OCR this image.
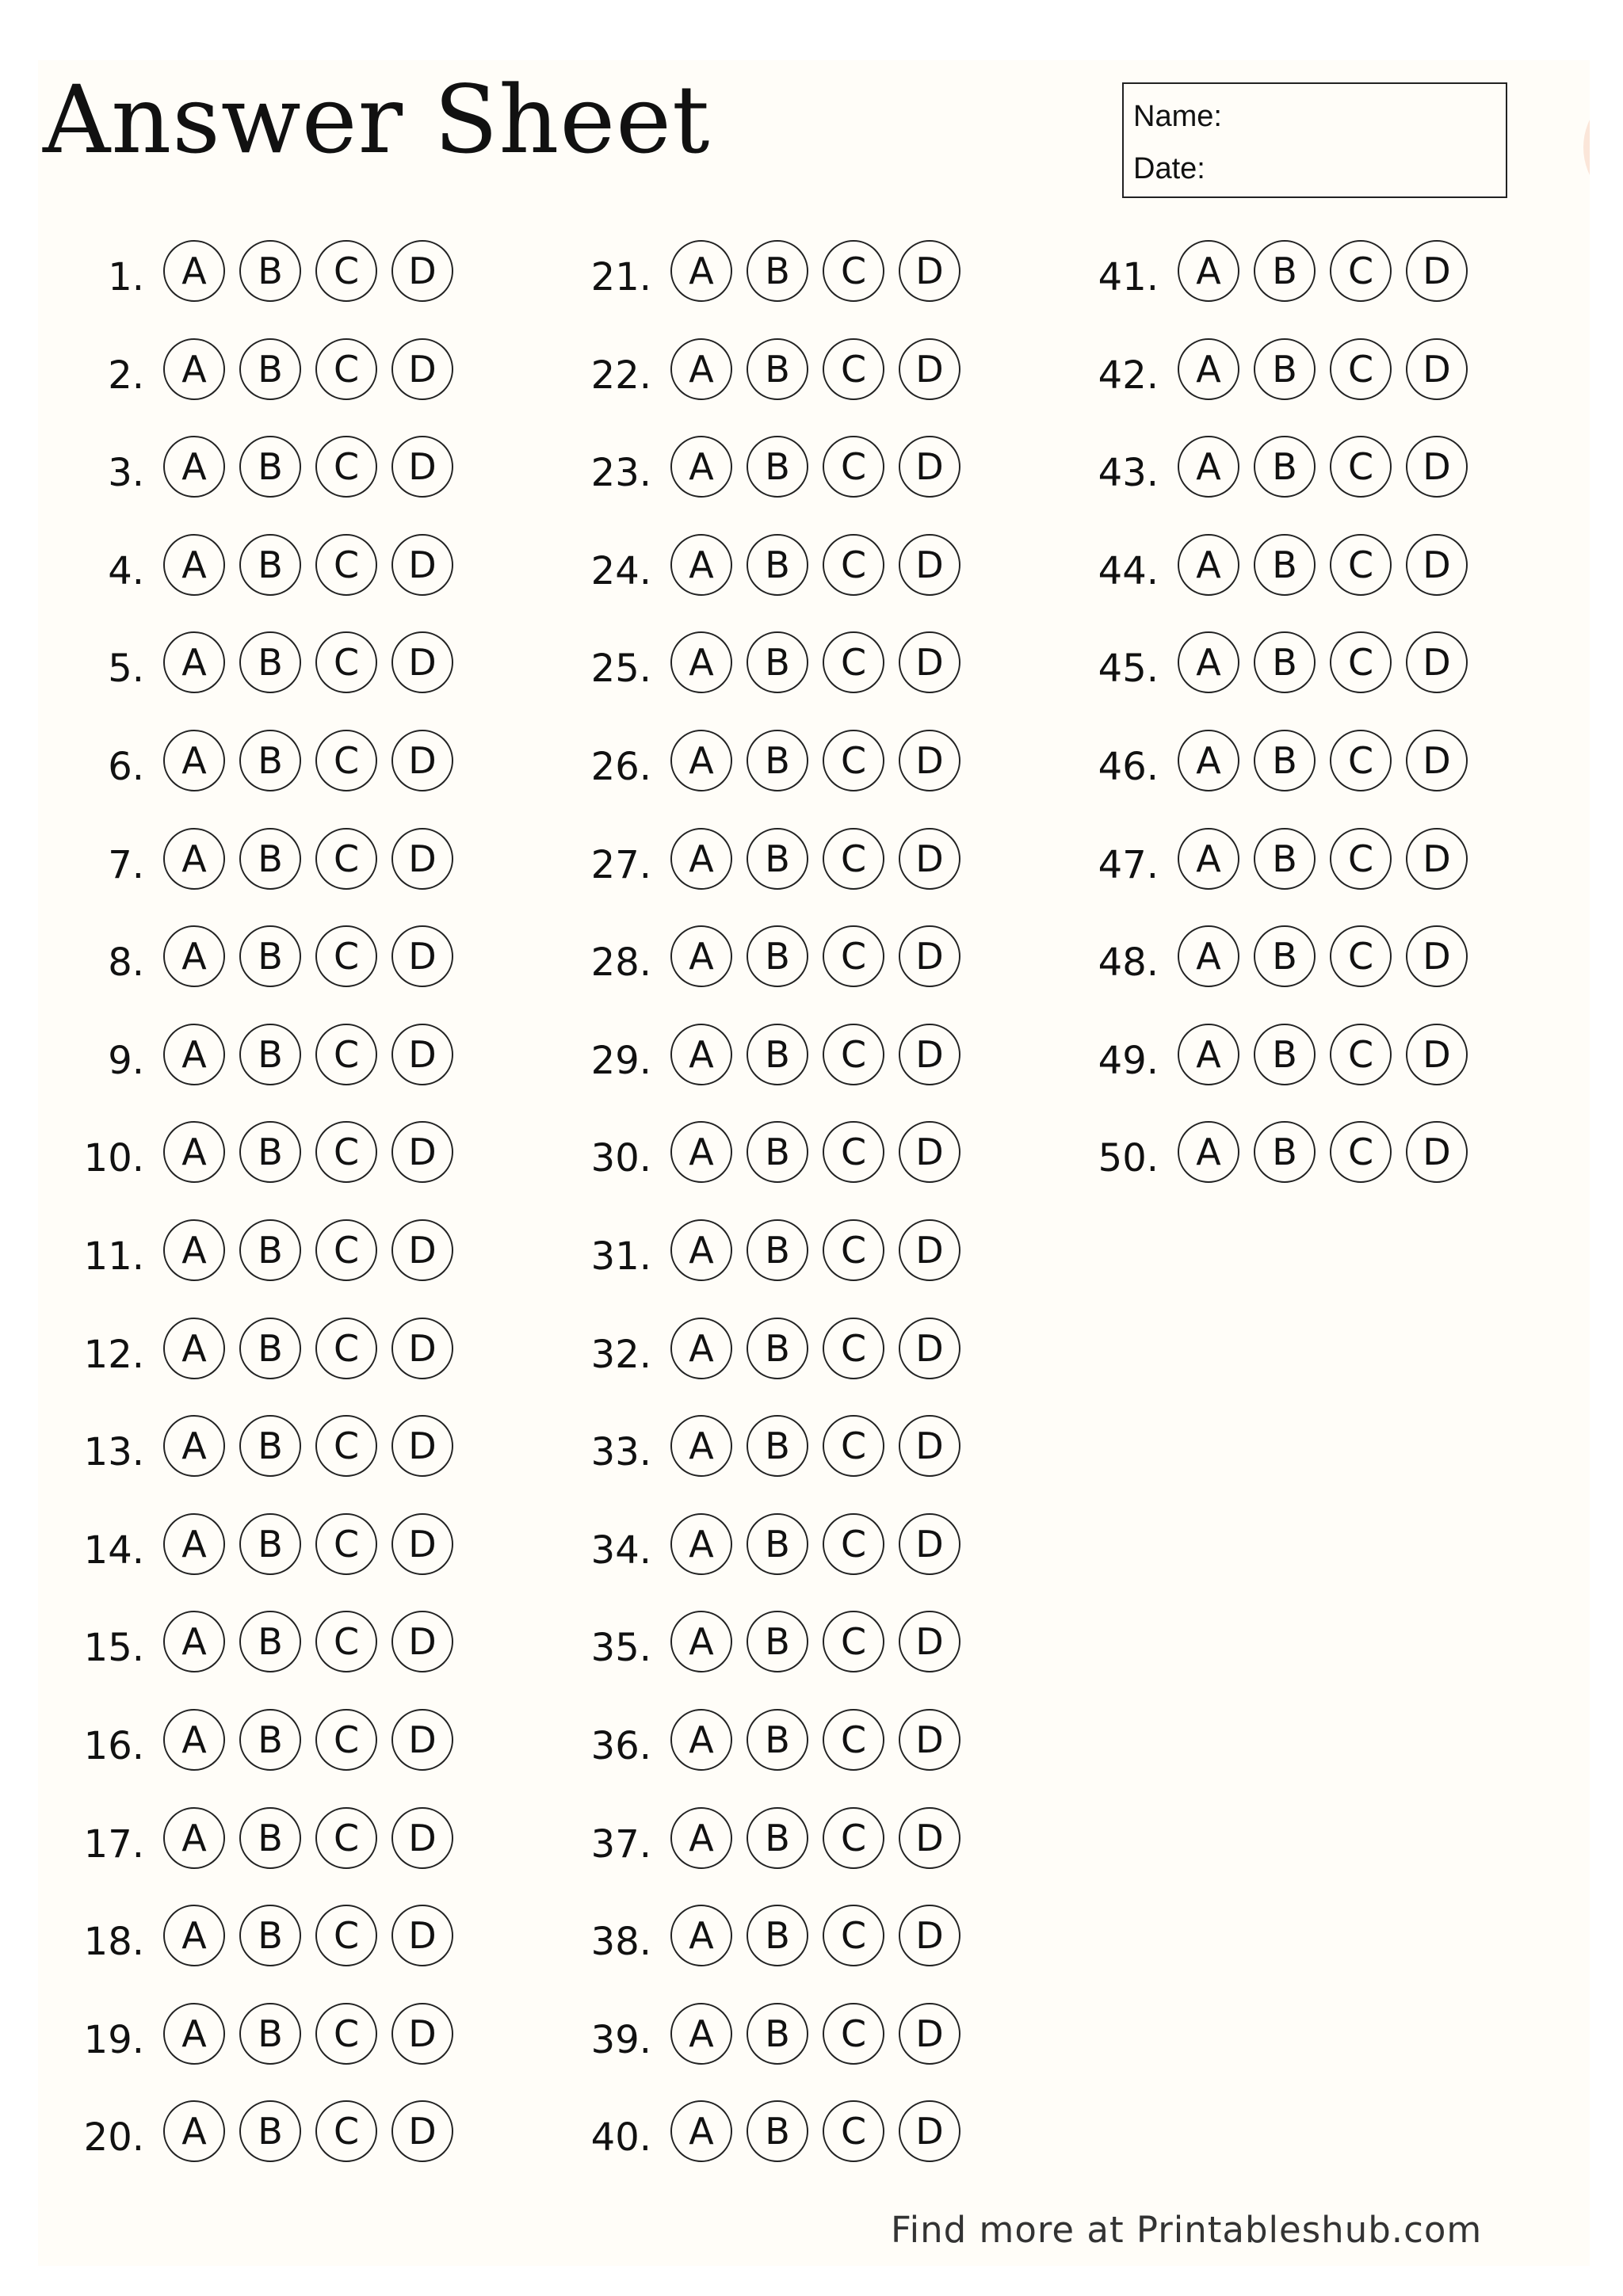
Answer Sheet	Name:
Date:
1.	A	B	C	D
2.	A	B	C	D
3.	A	B	C	D
4.	A	B	C	D
5.	A	B	C	D
6.	A	B	C	D
7.	A	B	C	D
8.	A	B	C	D
9.	A	B	C	D
10.	A	B	C	D
11.	A	B	C	D
12.	A	B	C	D
13.	A	B	C	D
14.	A	B	C	D
15.	A	B	C	D
16.	A	B	C	D
17.	A	B	C	D
18.	A	B	C	D
19.	A	B	C	D
20.	A	B	C	D
21.	A	B	C	D
22.	A	B	C	D
23.	A	B	C	D
24.	A	B	C	D
25.	A	B	C	D
26.	A	B	C	D
27.	A	B	C	D
28.	A	B	C	D
29.	A	B	C	D
30.	A	B	C	D
31.	A	B	C	D
32.	A	B	C	D
33.	A	B	C	D
34.	A	B	C	D
35.	A	B	C	D
36.	A	B	C	D
37.	A	B	C	D
38.	A	B	C	D
39.	A	B	C	D
40.	A	B	C	D
41.	A	B	C	D
42.	A	B	C	D
43.	A	B	C	D
44.	A	B	C	D
45.	A	B	C	D
46.	A	B	C	D
47.	A	B	C	D
48.	A	B	C	D
49.	A	B	C	D
50.	A	B	C	D

Find more at Printableshub.com
